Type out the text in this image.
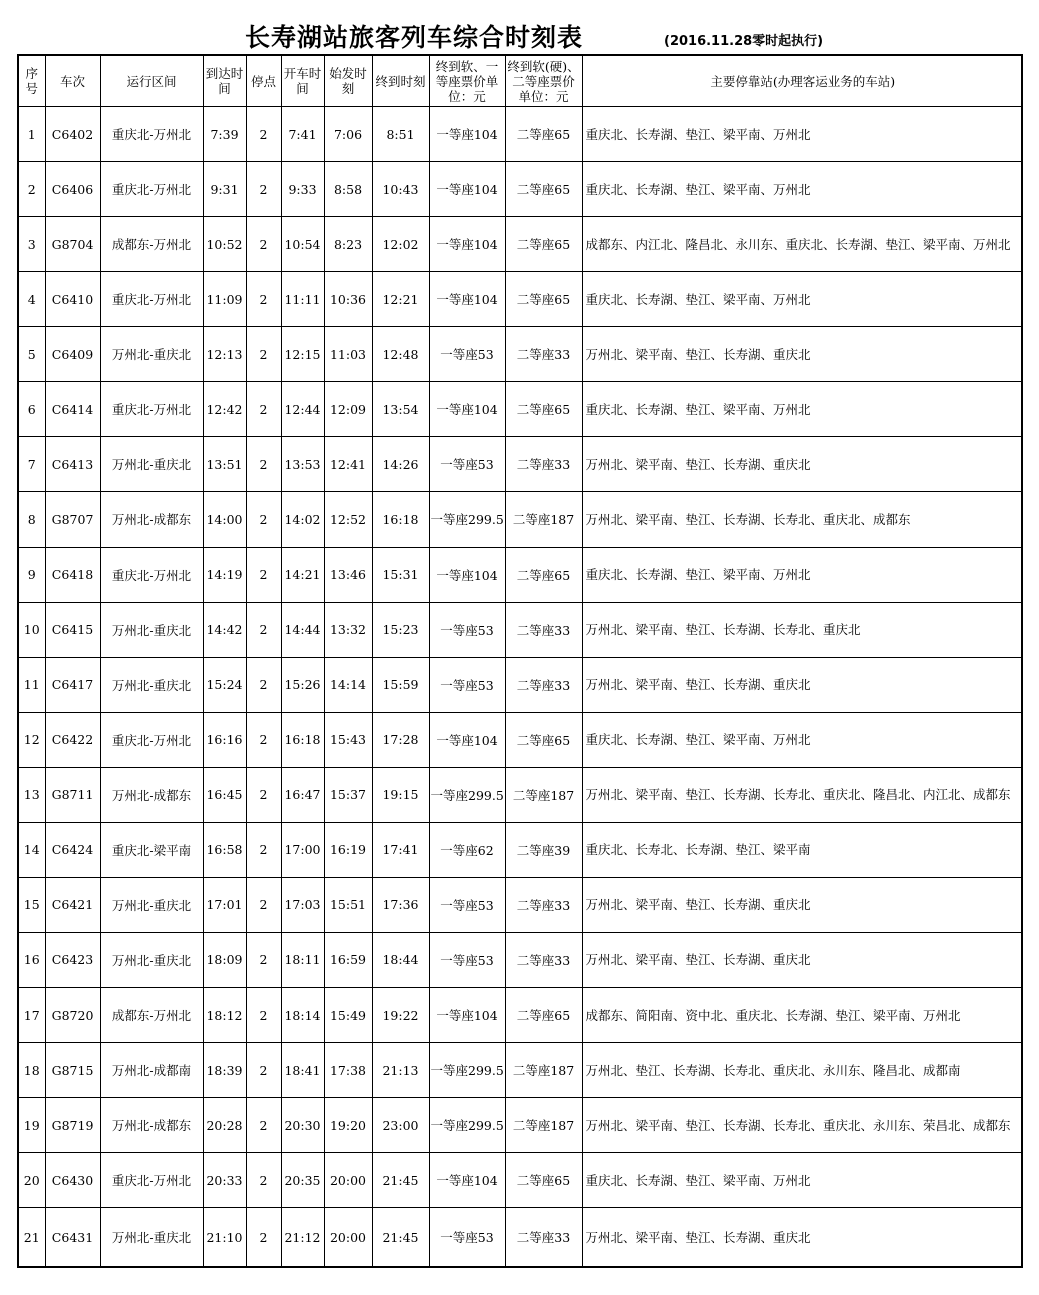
长寿湖站旅客列车综合时刻表	(2016.11.28零时起执行)
序号	车次	运行区间	到达时间	停点	开车时间	始发时刻	终到时刻	终到软、一等座票价单位：元	终到软(硬)、二等座票价单位：元	主要停靠站(办理客运业务的车站)
1	C6402	重庆北-万州北	7:39	2	7:41	7:06	8:51	一等座104	二等座65	重庆北、长寿湖、垫江、梁平南、万州北
2	C6406	重庆北-万州北	9:31	2	9:33	8:58	10:43	一等座104	二等座65	重庆北、长寿湖、垫江、梁平南、万州北
3	G8704	成都东-万州北	10:52	2	10:54	8:23	12:02	一等座104	二等座65	成都东、内江北、隆昌北、永川东、重庆北、长寿湖、垫江、梁平南、万州北
4	C6410	重庆北-万州北	11:09	2	11:11	10:36	12:21	一等座104	二等座65	重庆北、长寿湖、垫江、梁平南、万州北
5	C6409	万州北-重庆北	12:13	2	12:15	11:03	12:48	一等座53	二等座33	万州北、梁平南、垫江、长寿湖、重庆北
6	C6414	重庆北-万州北	12:42	2	12:44	12:09	13:54	一等座104	二等座65	重庆北、长寿湖、垫江、梁平南、万州北
7	C6413	万州北-重庆北	13:51	2	13:53	12:41	14:26	一等座53	二等座33	万州北、梁平南、垫江、长寿湖、重庆北
8	G8707	万州北-成都东	14:00	2	14:02	12:52	16:18	一等座299.5	二等座187	万州北、梁平南、垫江、长寿湖、长寿北、重庆北、成都东
9	C6418	重庆北-万州北	14:19	2	14:21	13:46	15:31	一等座104	二等座65	重庆北、长寿湖、垫江、梁平南、万州北
10	C6415	万州北-重庆北	14:42	2	14:44	13:32	15:23	一等座53	二等座33	万州北、梁平南、垫江、长寿湖、长寿北、重庆北
11	C6417	万州北-重庆北	15:24	2	15:26	14:14	15:59	一等座53	二等座33	万州北、梁平南、垫江、长寿湖、重庆北
12	C6422	重庆北-万州北	16:16	2	16:18	15:43	17:28	一等座104	二等座65	重庆北、长寿湖、垫江、梁平南、万州北
13	G8711	万州北-成都东	16:45	2	16:47	15:37	19:15	一等座299.5	二等座187	万州北、梁平南、垫江、长寿湖、长寿北、重庆北、隆昌北、内江北、成都东
14	C6424	重庆北-梁平南	16:58	2	17:00	16:19	17:41	一等座62	二等座39	重庆北、长寿北、长寿湖、垫江、梁平南
15	C6421	万州北-重庆北	17:01	2	17:03	15:51	17:36	一等座53	二等座33	万州北、梁平南、垫江、长寿湖、重庆北
16	C6423	万州北-重庆北	18:09	2	18:11	16:59	18:44	一等座53	二等座33	万州北、梁平南、垫江、长寿湖、重庆北
17	G8720	成都东-万州北	18:12	2	18:14	15:49	19:22	一等座104	二等座65	成都东、简阳南、资中北、重庆北、长寿湖、垫江、梁平南、万州北
18	G8715	万州北-成都南	18:39	2	18:41	17:38	21:13	一等座299.5	二等座187	万州北、垫江、长寿湖、长寿北、重庆北、永川东、隆昌北、成都南
19	G8719	万州北-成都东	20:28	2	20:30	19:20	23:00	一等座299.5	二等座187	万州北、梁平南、垫江、长寿湖、长寿北、重庆北、永川东、荣昌北、成都东
20	C6430	重庆北-万州北	20:33	2	20:35	20:00	21:45	一等座104	二等座65	重庆北、长寿湖、垫江、梁平南、万州北
21	C6431	万州北-重庆北	21:10	2	21:12	20:00	21:45	一等座53	二等座33	万州北、梁平南、垫江、长寿湖、重庆北
